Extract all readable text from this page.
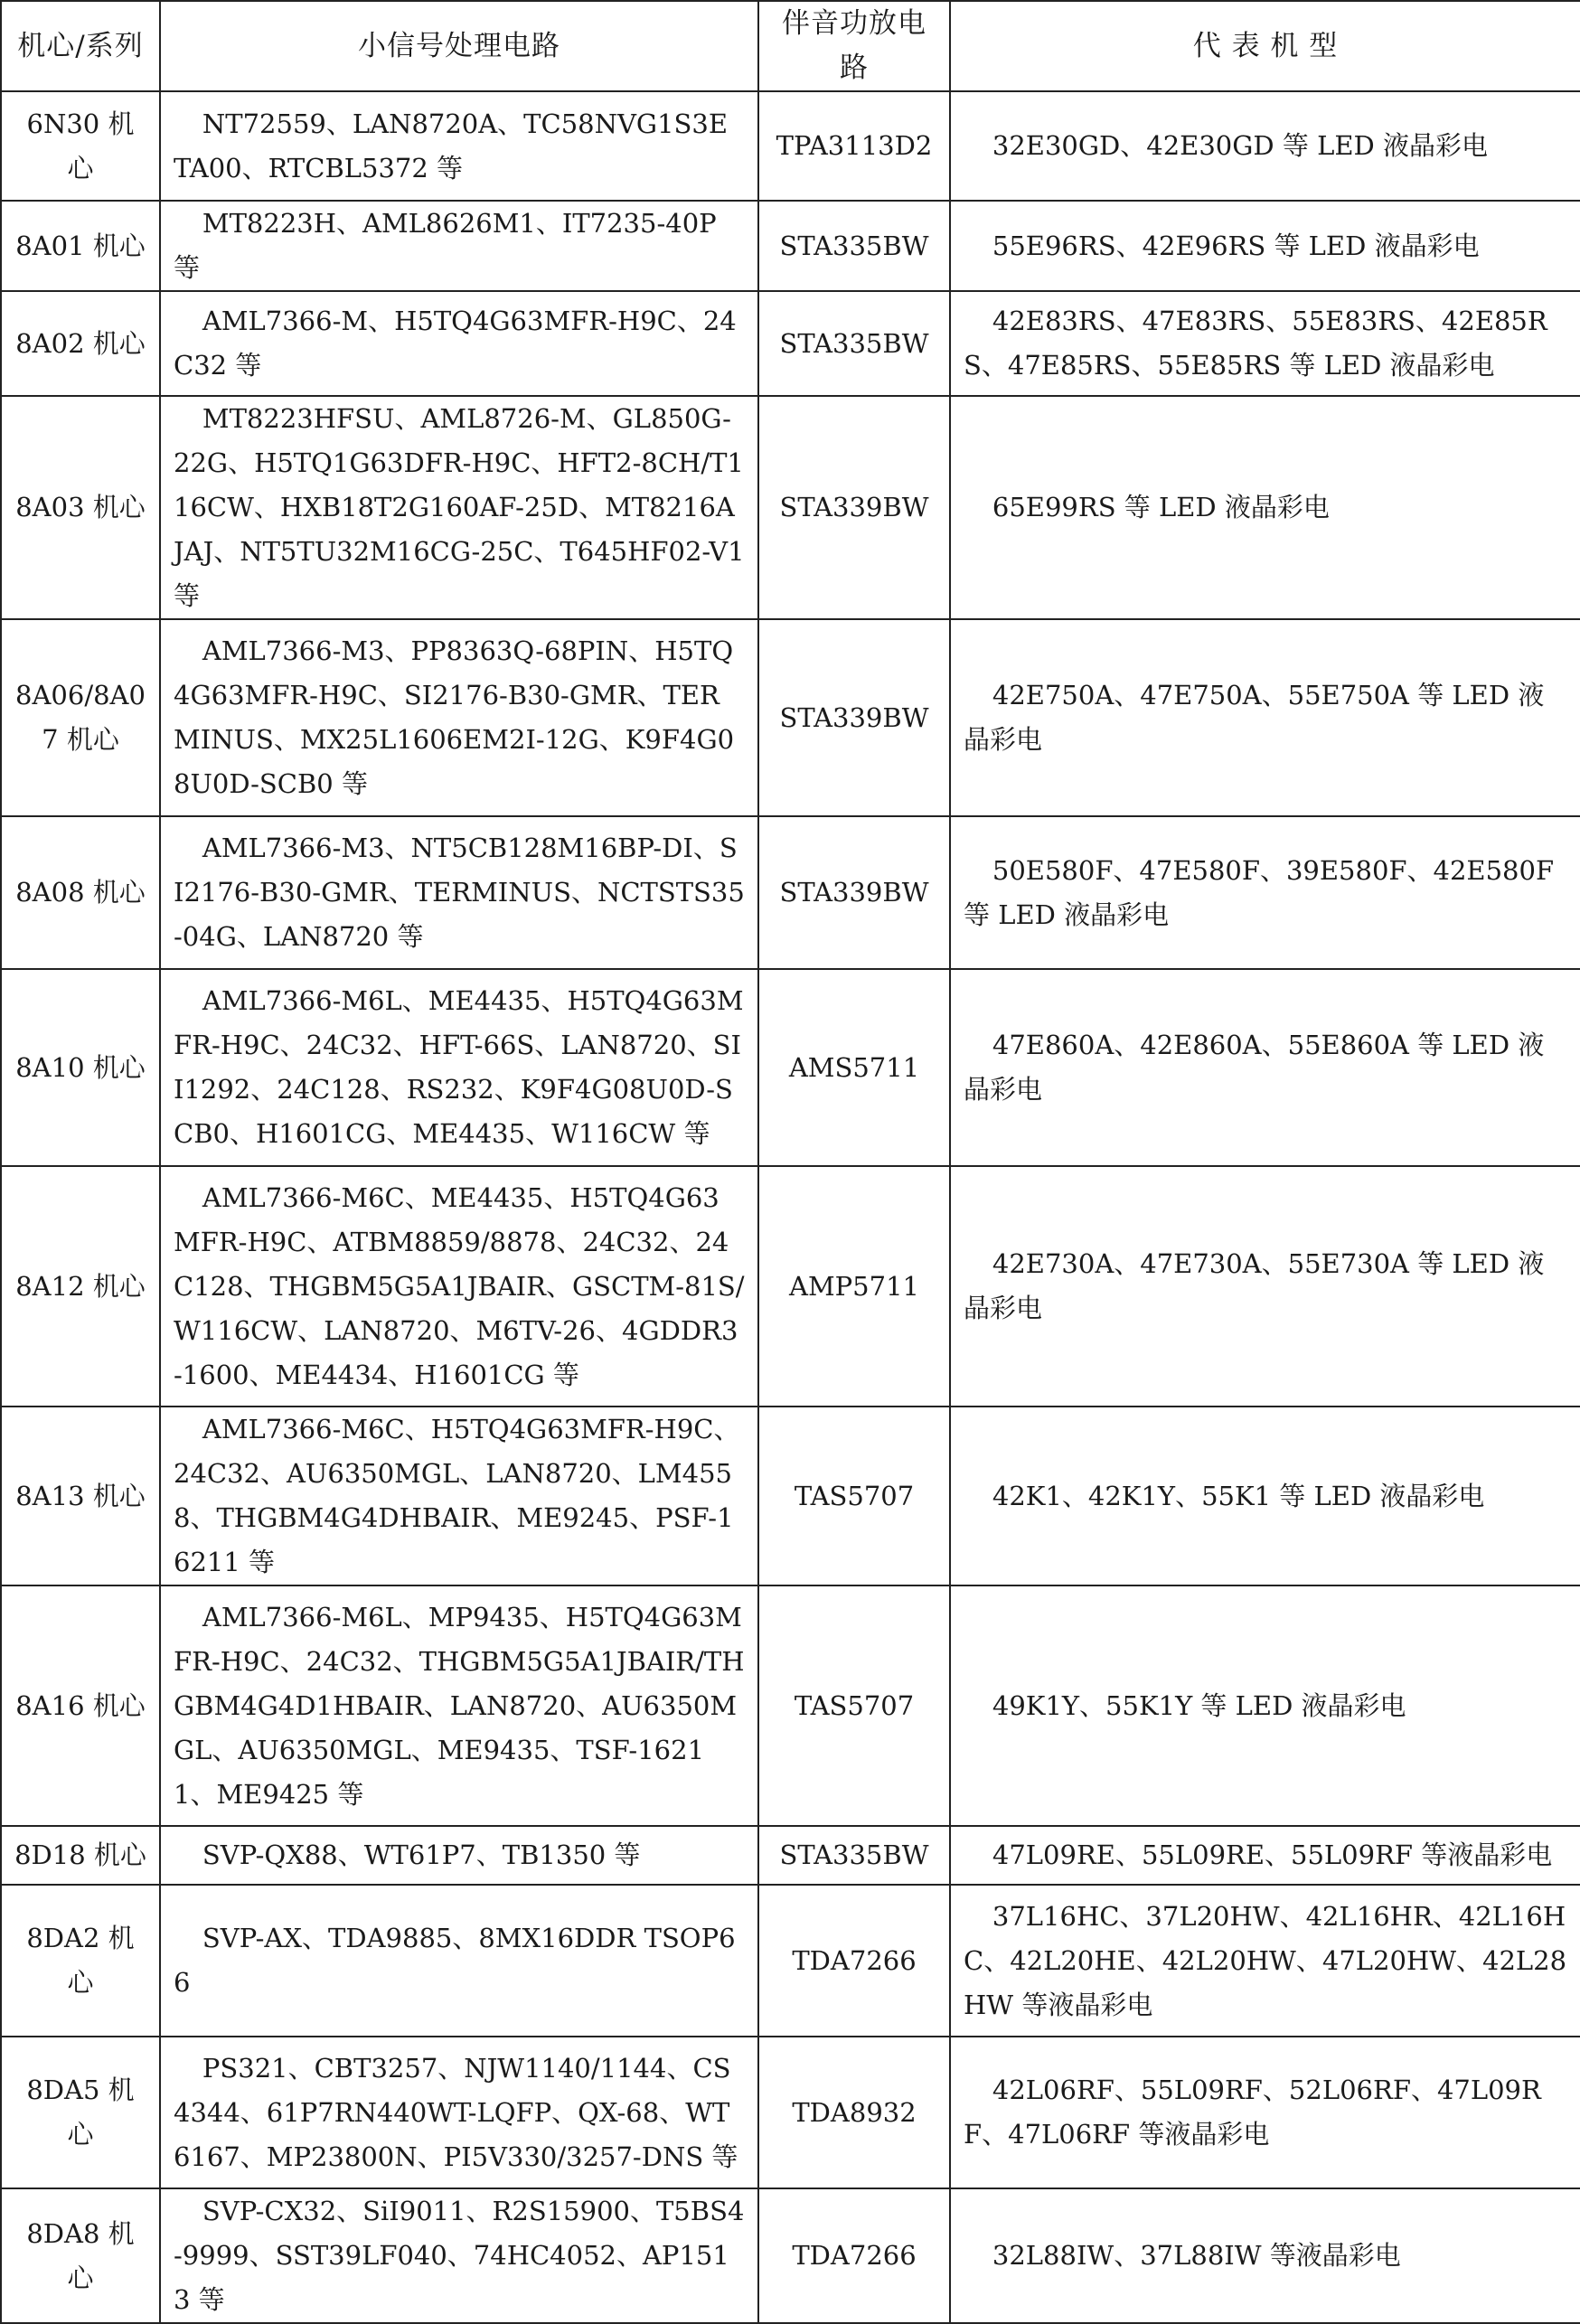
机心/系列	小信号处理电路	伴音功放电路	代 表 机 型

6N30 机心	NT72559、LAN8720A、TC58NVG1S3ETA00、RTCBL5372 等	TPA3113D2	32E30GD、42E30GD 等 LED 液晶彩电

8A01 机心	MT8223H、AML8626M1、IT7235-40P 等	STA335BW	55E96RS、42E96RS 等 LED 液晶彩电

8A02 机心	AML7366-M、H5TQ4G63MFR-H9C、24C32 等	STA335BW	42E83RS、47E83RS、55E83RS、42E85RS、47E85RS、55E85RS 等 LED 液晶彩电

8A03 机心	MT8223HFSU、AML8726-M、GL850G-22G、H5TQ1G63DFR-H9C、HFT2-8CH/T116CW、HXB18T2G160AF-25D、MT8216AJAJ、NT5TU32M16CG-25C、T645HF02-V1 等	STA339BW	65E99RS 等 LED 液晶彩电

8A06/8A07 机心	AML7366-M3、PP8363Q-68PIN、H5TQ4G63MFR-H9C、SI2176-B30-GMR、TERMINUS、MX25L1606EM2I-12G、K9F4G08U0D-SCB0 等	STA339BW	42E750A、47E750A、55E750A 等 LED 液晶彩电

8A08 机心	AML7366-M3、NT5CB128M16BP-DI、SI2176-B30-GMR、TERMINUS、NCTSTS35-04G、LAN8720 等	STA339BW	50E580F、47E580F、39E580F、42E580F 等 LED 液晶彩电

8A10 机心	AML7366-M6L、ME4435、H5TQ4G63MFR-H9C、24C32、HFT-66S、LAN8720、SII1292、24C128、RS232、K9F4G08U0D-SCB0、H1601CG、ME4435、W116CW 等	AMS5711	47E860A、42E860A、55E860A 等 LED 液晶彩电

8A12 机心	AML7366-M6C、ME4435、H5TQ4G63MFR-H9C、ATBM8859/8878、24C32、24C128、THGBM5G5A1JBAIR、GSCTM-81S/W116CW、LAN8720、M6TV-26、4GDDR3-1600、ME4434、H1601CG 等	AMP5711	42E730A、47E730A、55E730A 等 LED 液晶彩电

8A13 机心	AML7366-M6C、H5TQ4G63MFR-H9C、24C32、AU6350MGL、LAN8720、LM4558、THGBM4G4DHBAIR、ME9245、PSF-16211 等	TAS5707	42K1、42K1Y、55K1 等 LED 液晶彩电

8A16 机心	AML7366-M6L、MP9435、H5TQ4G63MFR-H9C、24C32、THGBM5G5A1JBAIR/THGBM4G4D1HBAIR、LAN8720、AU6350MGL、AU6350MGL、ME9435、TSF-16211、ME9425 等	TAS5707	49K1Y、55K1Y 等 LED 液晶彩电

8D18 机心	SVP-QX88、WT61P7、TB1350 等	STA335BW	47L09RE、55L09RE、55L09RF 等液晶彩电

8DA2 机心	SVP-AX、TDA9885、8MX16DDR TSOP66	TDA7266	37L16HC、37L20HW、42L16HR、42L16HC、42L20HE、42L20HW、47L20HW、42L28HW 等液晶彩电

8DA5 机心	PS321、CBT3257、NJW1140/1144、CS4344、61P7RN440WT-LQFP、QX-68、WT6167、MP23800N、PI5V330/3257-DNS 等	TDA8932	42L06RF、55L09RF、52L06RF、47L09RF、47L06RF 等液晶彩电

8DA8 机心	SVP-CX32、SiI9011、R2S15900、T5BS4-9999、SST39LF040、74HC4052、AP1513 等	TDA7266	32L88IW、37L88IW 等液晶彩电
